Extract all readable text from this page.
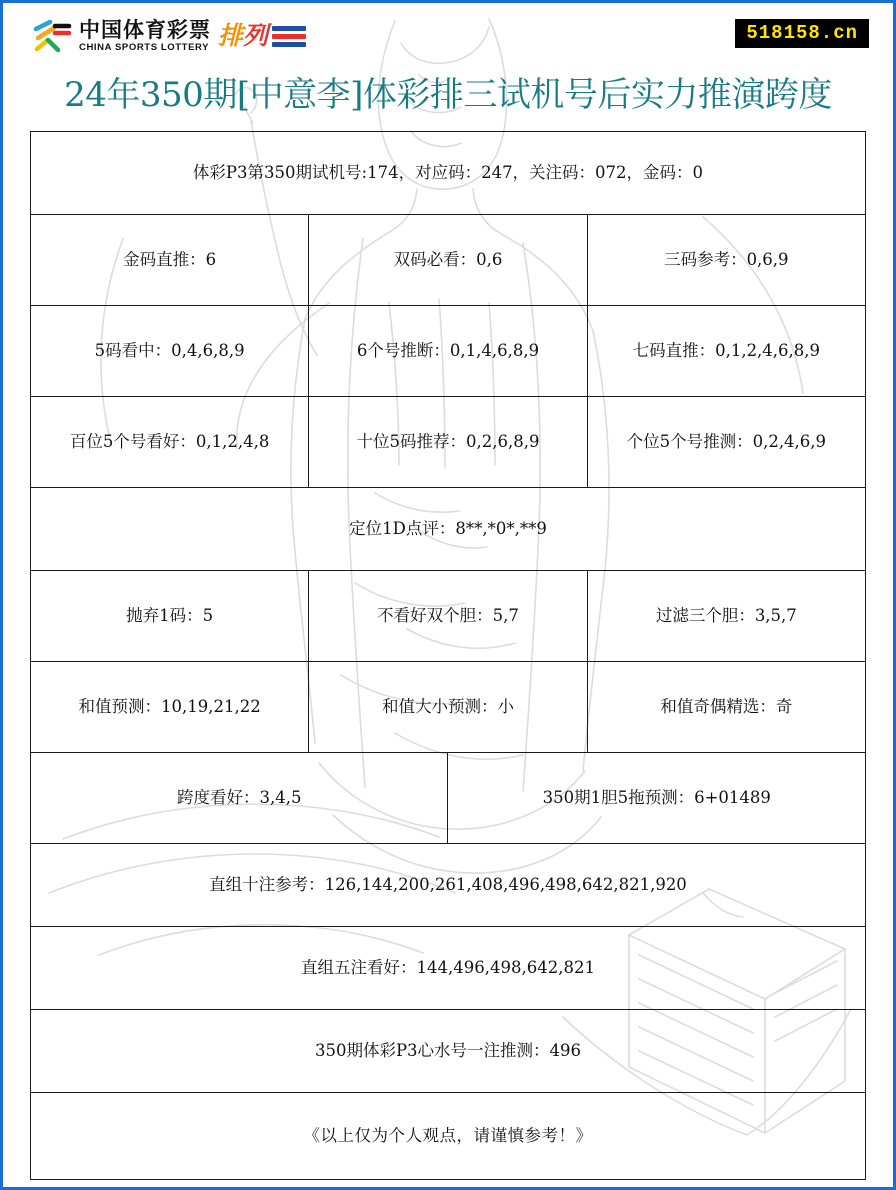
中国体育彩票
CHINA SPORTS LOTTERY 排 列	518158.cn
24年350期[中意李]体彩排三试机号后实力推演跨度
体彩P3第350期试机号:174，对应码：247，关注码：072，金码：0			
金码直推：6	双码必看：0,6		三码参考：0,6,9
5码看中：0,4,6,8,9	6个号推断：0,1,4,6,8,9		七码直推：0,1,2,4,6,8,9
百位5个号看好：0,1,2,4,8	十位5码推荐：0,2,6,8,9		个位5个号推测：0,2,4,6,9
定位1D点评：8**,*0*,**9			
抛弃1码：5	不看好双个胆：5,7		过滤三个胆：3,5,7
和值预测：10,19,21,22	和值大小预测：小		和值奇偶精选：奇
跨度看好：3,4,5		350期1胆5拖预测：6+01489	
直组十注参考：126,144,200,261,408,496,498,642,821,920			
直组五注看好：144,496,498,642,821			
350期体彩P3心水号一注推测：496			
《以上仅为个人观点，请谨慎参考！》			
